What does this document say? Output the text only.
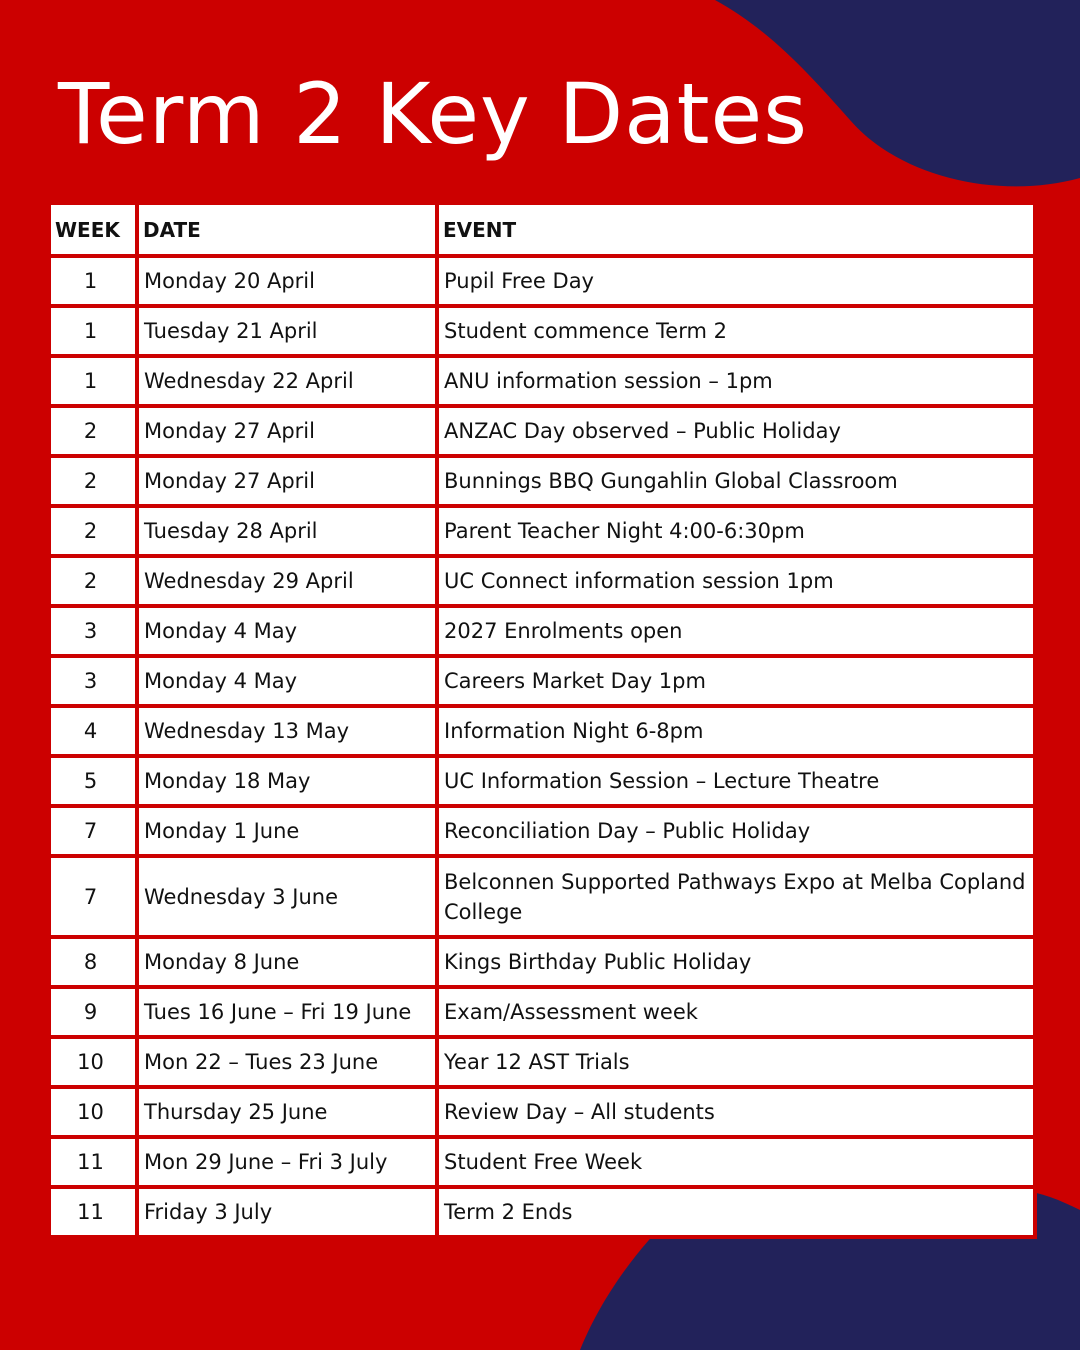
Term 2 Key Dates
WEEK	DATE	EVENT
1	Monday 20 April	Pupil Free Day
1	Tuesday 21 April	Student commence Term 2
1	Wednesday 22 April	ANU information session – 1pm
2	Monday 27 April	ANZAC Day observed – Public Holiday
2	Monday 27 April	Bunnings BBQ Gungahlin Global Classroom
2	Tuesday 28 April	Parent Teacher Night 4:00-6:30pm
2	Wednesday 29 April	UC Connect information session 1pm
3	Monday 4 May	2027 Enrolments open
3	Monday 4 May	Careers Market Day 1pm
4	Wednesday 13 May	Information Night 6-8pm
5	Monday 18 May	UC Information Session – Lecture Theatre
7	Monday 1 June	Reconciliation Day – Public Holiday
7	Wednesday 3 June	Belconnen Supported Pathways Expo at Melba Copland College
8	Monday 8 June	Kings Birthday Public Holiday
9	Tues 16 June – Fri 19 June	Exam/Assessment week
10	Mon 22 – Tues 23 June	Year 12 AST Trials
10	Thursday 25 June	Review Day – All students
11	Mon 29 June – Fri 3 July	Student Free Week
11	Friday 3 July	Term 2 Ends
